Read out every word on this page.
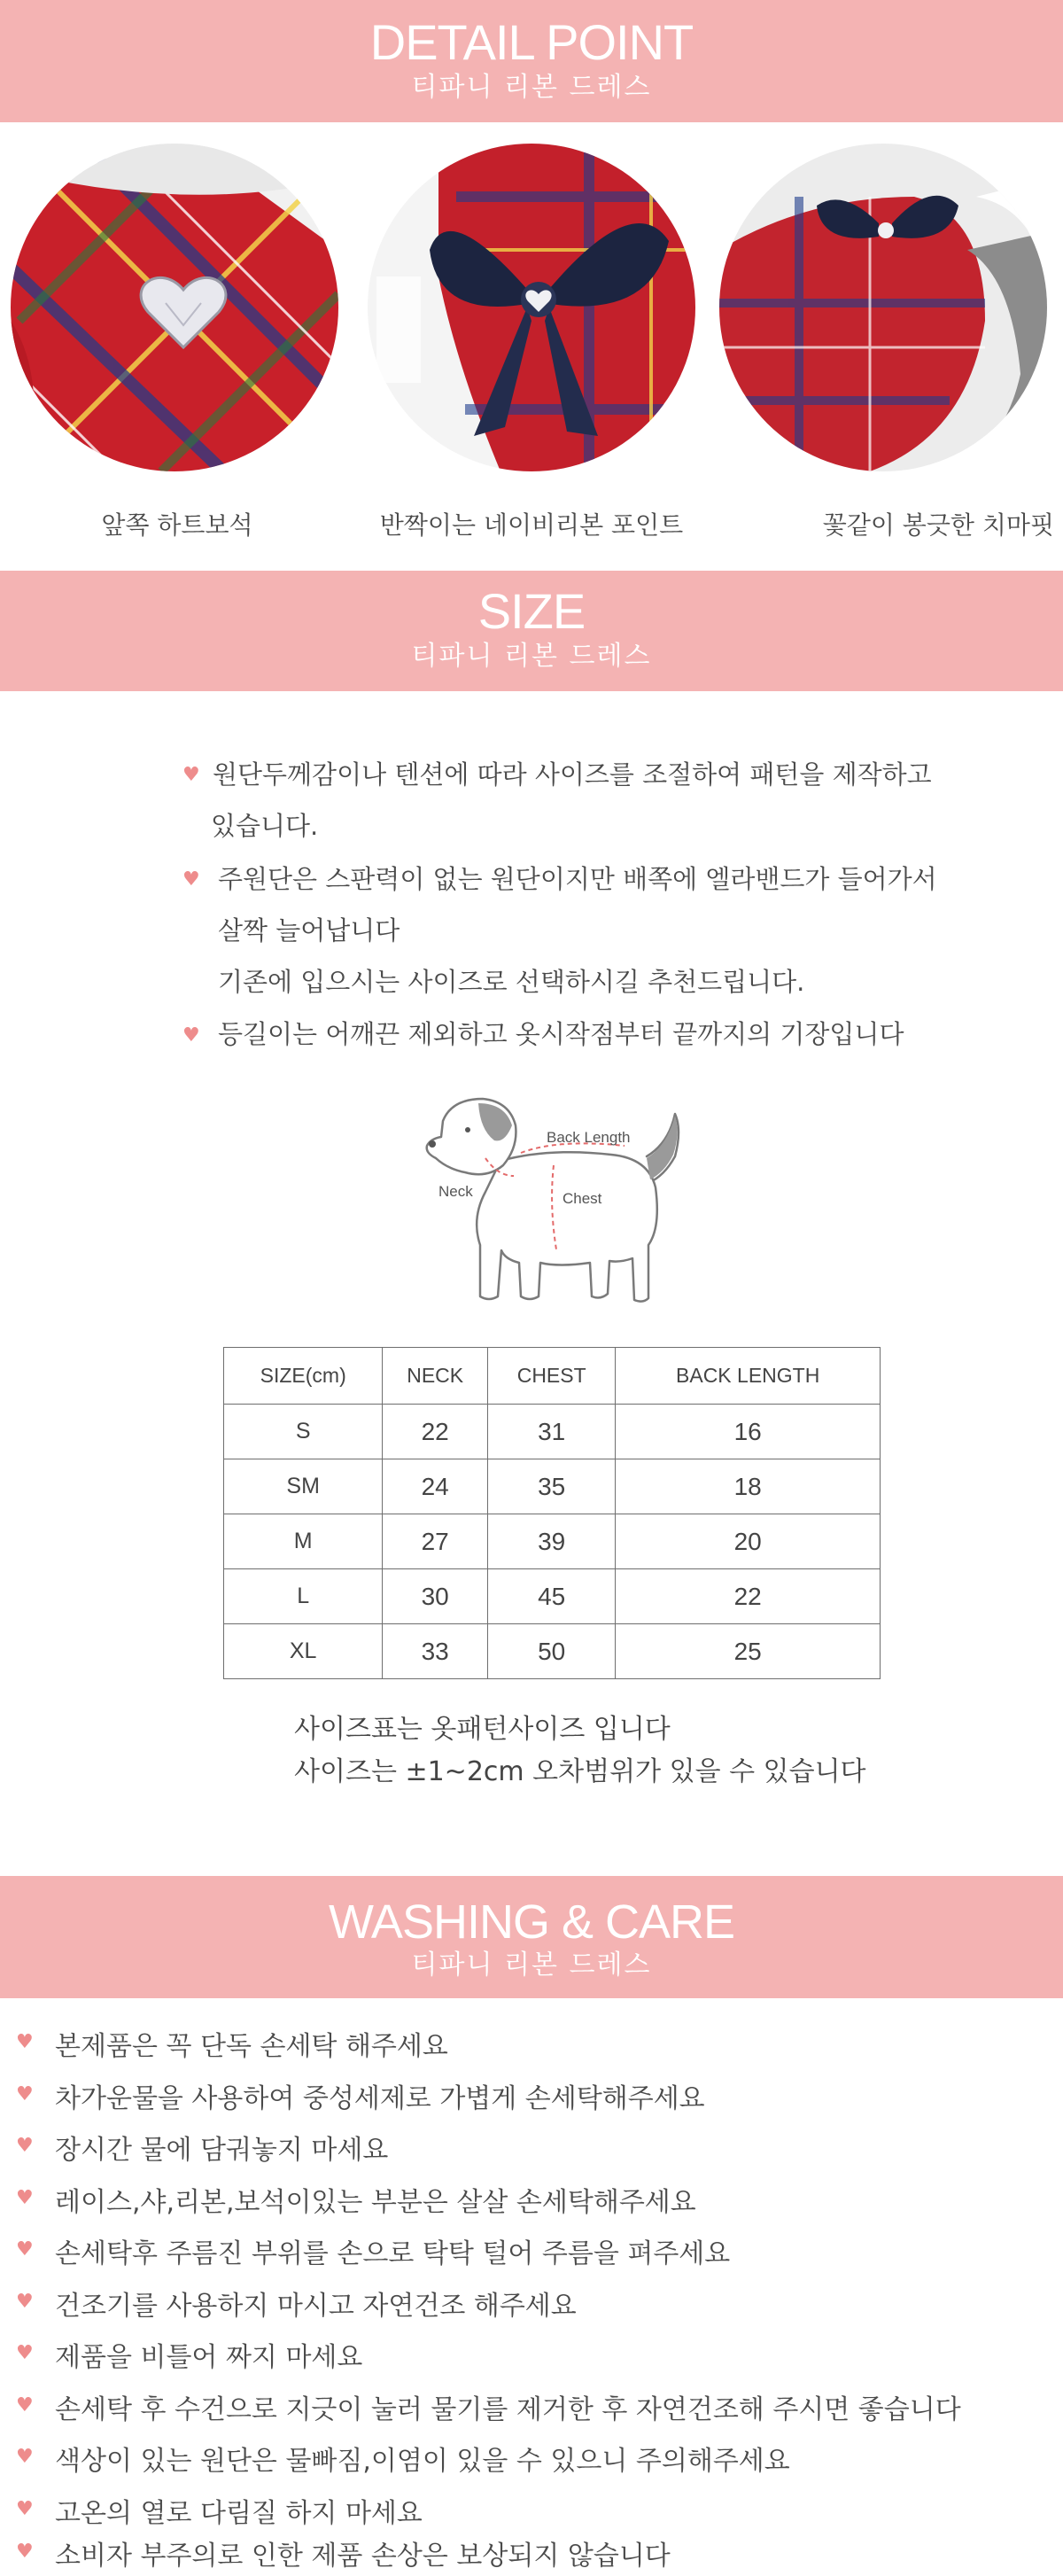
DETAIL POINT
티파니 리본 드레스
앞쪽 하트보석	반짝이는 네이비리본 포인트	꽃같이 봉긋한 치마핏
SIZE
티파니 리본 드레스
♥ 원단두께감이나 텐션에 따라 사이즈를 조절하여 패턴을 제작하고
있습니다.
♥ 주원단은 스판력이 없는 원단이지만 배쪽에 엘라밴드가 들어가서
살짝 늘어납니다
기존에 입으시는 사이즈로 선택하시길 추천드립니다.
♥ 등길이는 어깨끈 제외하고 옷시작점부터 끝까지의 기장입니다
Back Length
Neck	Chest
SIZE(cm)	NECK	CHEST	BACK LENGTH
S	22	31	16
SM	24	35	18
M	27	39	20
L	30	45	22
XL	33	50	25
사이즈표는 옷패턴사이즈 입니다
사이즈는 ±1~2cm 오차범위가 있을 수 있습니다
WASHING & CARE
티파니 리본 드레스
♥ 본제품은 꼭 단독 손세탁 해주세요
♥ 차가운물을 사용하여 중성세제로 가볍게 손세탁해주세요
♥ 장시간 물에 담궈놓지 마세요
♥ 레이스,샤,리본,보석이있는 부분은 살살 손세탁해주세요
♥ 손세탁후 주름진 부위를 손으로 탁탁 털어 주름을 펴주세요
♥ 건조기를 사용하지 마시고 자연건조 해주세요
♥ 제품을 비틀어 짜지 마세요
♥ 손세탁 후 수건으로 지긋이 눌러 물기를 제거한 후 자연건조해 주시면 좋습니다
♥ 색상이 있는 원단은 물빠짐,이염이 있을 수 있으니 주의해주세요
♥ 고온의 열로 다림질 하지 마세요
♥ 소비자 부주의로 인한 제품 손상은 보상되지 않습니다
